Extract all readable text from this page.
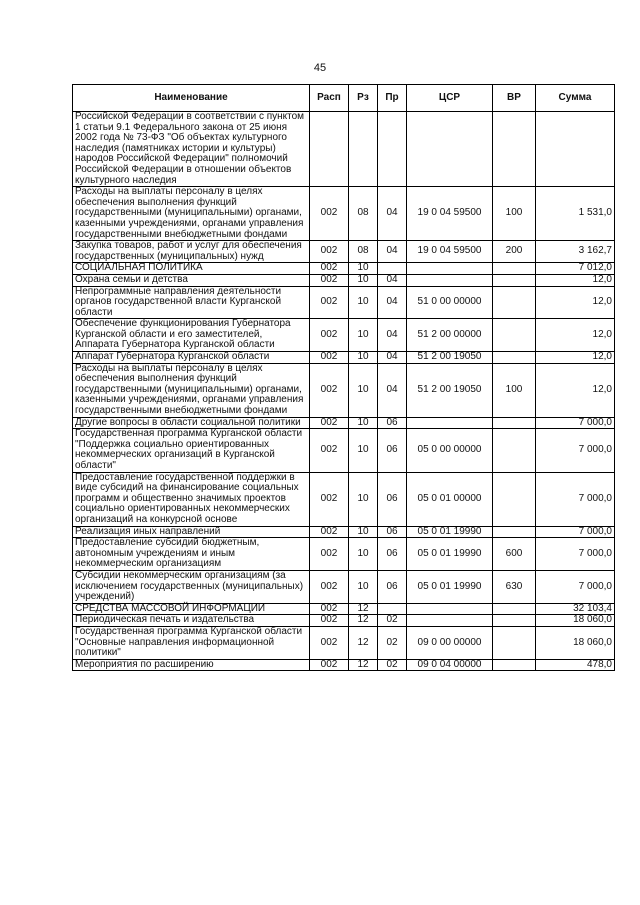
45
Наименование	Расп	Рз	Пр	ЦСР	ВР	Сумма
Российской Федерации в соответствии с пунктом 1 статьи 9.1 Федерального закона от 25 июня 2002 года № 73-ФЗ "Об объектах культурного наследия (памятниках истории и культуры) народов Российской Федерации" полномочий Российской Федерации в отношении объектов культурного наследия						
Расходы на выплаты персоналу в целях обеспечения выполнения функций государственными (муниципальными) органами, казенными учреждениями, органами управления государственными внебюджетными фондами	002	08	04	19 0 04 59500	100	1 531,0
Закупка товаров, работ и услуг для обеспечения государственных (муниципальных) нужд	002	08	04	19 0 04 59500	200	3 162,7
СОЦИАЛЬНАЯ ПОЛИТИКА	002	10				7 012,0
Охрана семьи и детства	002	10	04			12,0
Непрограммные направления деятельности органов государственной власти Курганской области	002	10	04	51 0 00 00000		12,0
Обеспечение функционирования Губернатора Курганской области и его заместителей, Аппарата Губернатора Курганской области	002	10	04	51 2 00 00000		12,0
Аппарат Губернатора Курганской области	002	10	04	51 2 00 19050		12,0
Расходы на выплаты персоналу в целях обеспечения выполнения функций государственными (муниципальными) органами, казенными учреждениями, органами управления государственными внебюджетными фондами	002	10	04	51 2 00 19050	100	12,0
Другие вопросы в области социальной политики	002	10	06			7 000,0
Государственная программа Курганской области "Поддержка социально ориентированных некоммерческих организаций в Курганской области"	002	10	06	05 0 00 00000		7 000,0
Предоставление государственной поддержки в виде субсидий на финансирование социальных программ и общественно значимых проектов социально ориентированных некоммерческих организаций на конкурсной основе	002	10	06	05 0 01 00000		7 000,0
Реализация иных направлений	002	10	06	05 0 01 19990		7 000,0
Предоставление субсидий бюджетным, автономным учреждениям и иным некоммерческим организациям	002	10	06	05 0 01 19990	600	7 000,0
Субсидии некоммерческим организациям (за исключением государственных (муниципальных) учреждений)	002	10	06	05 0 01 19990	630	7 000,0
СРЕДСТВА МАССОВОЙ ИНФОРМАЦИИ	002	12				32 103,4
Периодическая печать и издательства	002	12	02			18 060,0
Государственная программа Курганской области "Основные направления информационной политики"	002	12	02	09 0 00 00000		18 060,0
Мероприятия по расширению	002	12	02	09 0 04 00000		478,0
